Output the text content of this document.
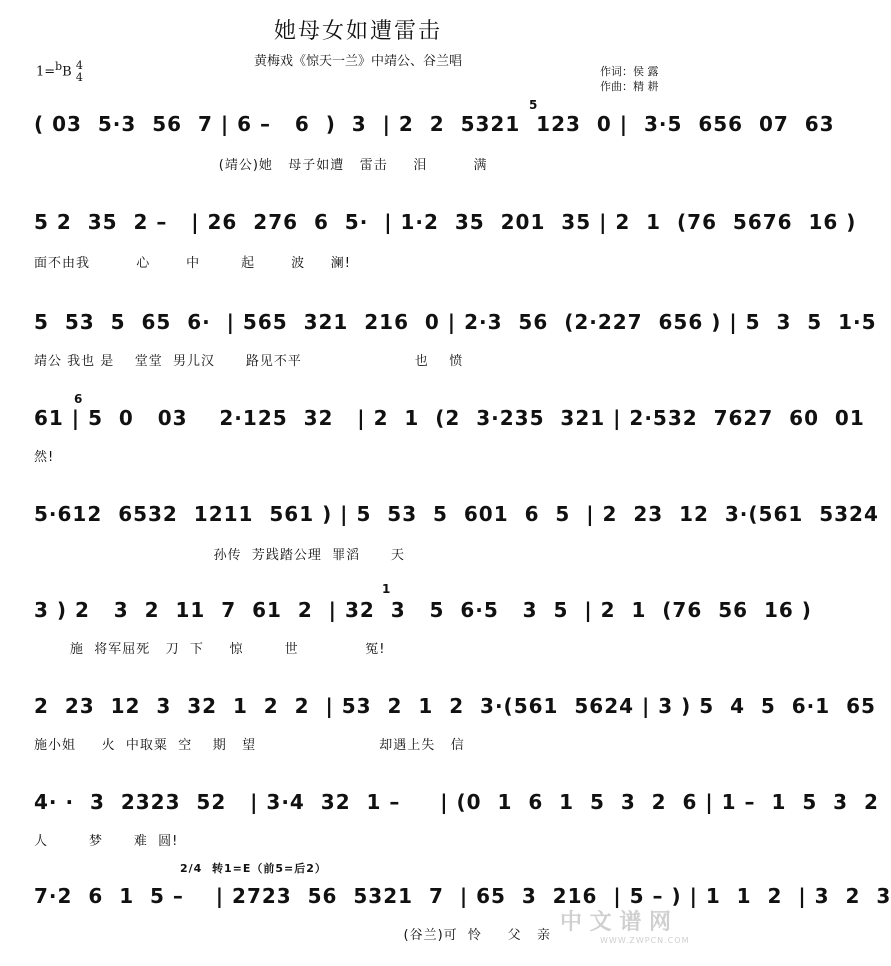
她母女如遭雷击
黄梅戏《惊天一兰》中靖公、谷兰唱
1=$^b$B 4
4	作词：侯 露
作曲：精 耕
( 03  5·3  56  7 | 6 –   6  )  3  | 2  2  5321  123  0 |  3·5  656  07  63
(靖公)她   母子如遭   雷击     泪         满
5
5 2  35  2 –   | 26  276  6  5·  | 1·2  35  201  35 | 2  1  (76  5676  16 )
面不由我         心       中        起       波     澜!
5  53  5  65  6·  | 565  321  216  0 | 2·3  56  (2·227  656 ) | 5  3  5  1·5
靖公 我也 是    堂堂  男儿汉      路见不平                      也    愤
61 | 5  0   03    2·125  32   | 2  1  (2  3·235  321 | 2·532  7627  60  01
6
然!
5·612  6532  1211  561 ) | 5  53  5  601  6  5  | 2  23  12  3·(561  5324
孙传  芳践踏公理  罪滔      天
3 ) 2   3  2  11  7  61  2  | 32  3   5  6·5   3  5  | 2  1  (76  56  16 )
1
施  将军屈死   刀  下     惊        世             冤!
2  23  12  3  32  1  2  2  | 53  2  1  2  3·(561  5624 | 3 ) 5  4  5  6·1  65
施小姐     火  中取粟  空    期   望                        却遇上失   信
4· ·  3  2323  52   | 3·4  32  1 –     | (0  1  6  1  5  3  2  6 | 1 –  1  5  3  2
人        梦      难  圆!
2/4  转1=E（前5=后2）
7·2  6  1  5 –    | 2723  56  5321  7  | 65  3  216  | 5 – ) | 1  1  2  | 3  2  3
(谷兰)可  怜     父   亲
中 文 谱 网
WWW.ZWPCN.COM
